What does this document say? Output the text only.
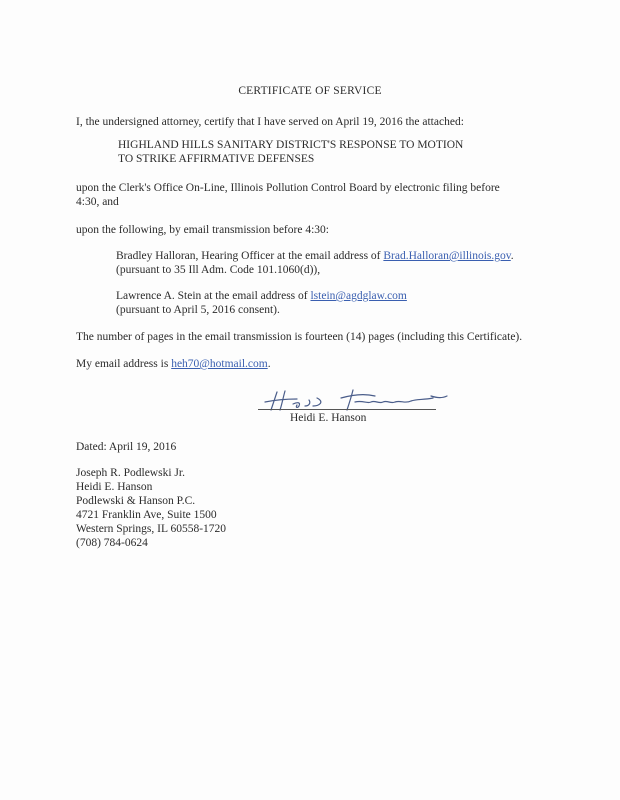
CERTIFICATE OF SERVICE
I, the undersigned attorney, certify that I have served on April 19, 2016 the attached:
HIGHLAND HILLS SANITARY DISTRICT'S RESPONSE TO MOTION
TO STRIKE AFFIRMATIVE DEFENSES
upon the Clerk's Office On-Line, Illinois Pollution Control Board by electronic filing before
4:30, and
upon the following, by email transmission before 4:30:
Bradley Halloran, Hearing Officer at the email address of Brad.Halloran@illinois.gov.
(pursuant to 35 Ill Adm. Code 101.1060(d)),
Lawrence A. Stein at the email address of lstein@agdglaw.com
(pursuant to April 5, 2016 consent).
The number of pages in the email transmission is fourteen (14) pages (including this Certificate).
My email address is heh70@hotmail.com.
Heidi E. Hanson
Dated: April 19, 2016
Joseph R. Podlewski Jr.
Heidi E. Hanson
Podlewski & Hanson P.C.
4721 Franklin Ave, Suite 1500
Western Springs, IL 60558-1720
(708) 784-0624
